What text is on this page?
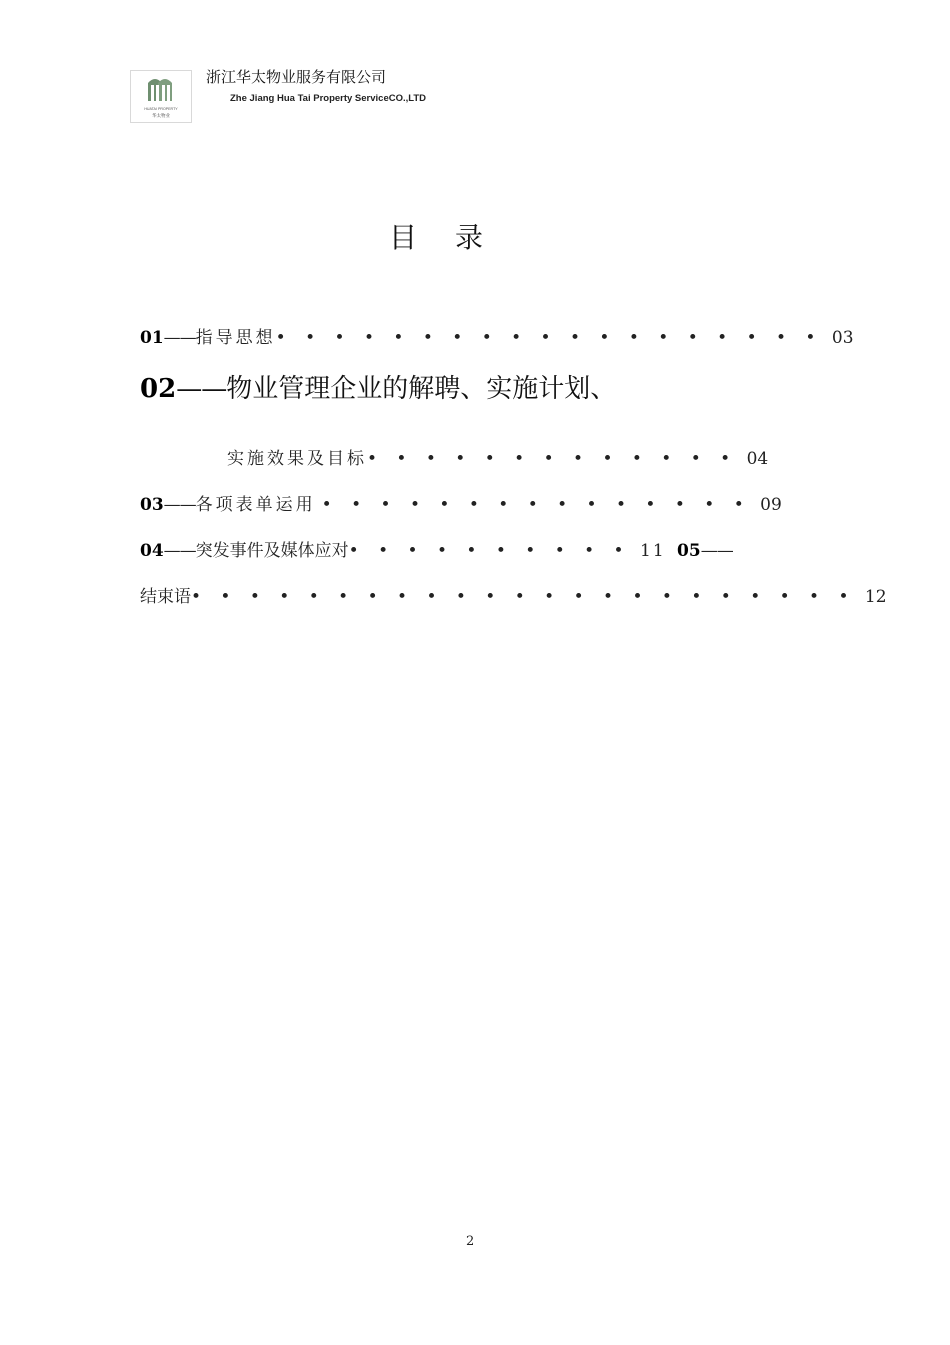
HUATAI PROPERTY
华太物业
浙江华太物业服务有限公司
Zhe Jiang Hua Tai Property ServiceCO.,LTD
目录
01——指导思想• • • • • • • • • • • • • • • • • • • 03
02——物业管理企业的解聘、实施计划、
实施效果及目标• • • • • • • • • • • • • 04
03——各项表单运用 • • • • • • • • • • • • • • • 09
04——突发事件及媒体应对• • • • • • • • • • 11 05——
结束语• • • • • • • • • • • • • • • • • • • • • • • 12
2
